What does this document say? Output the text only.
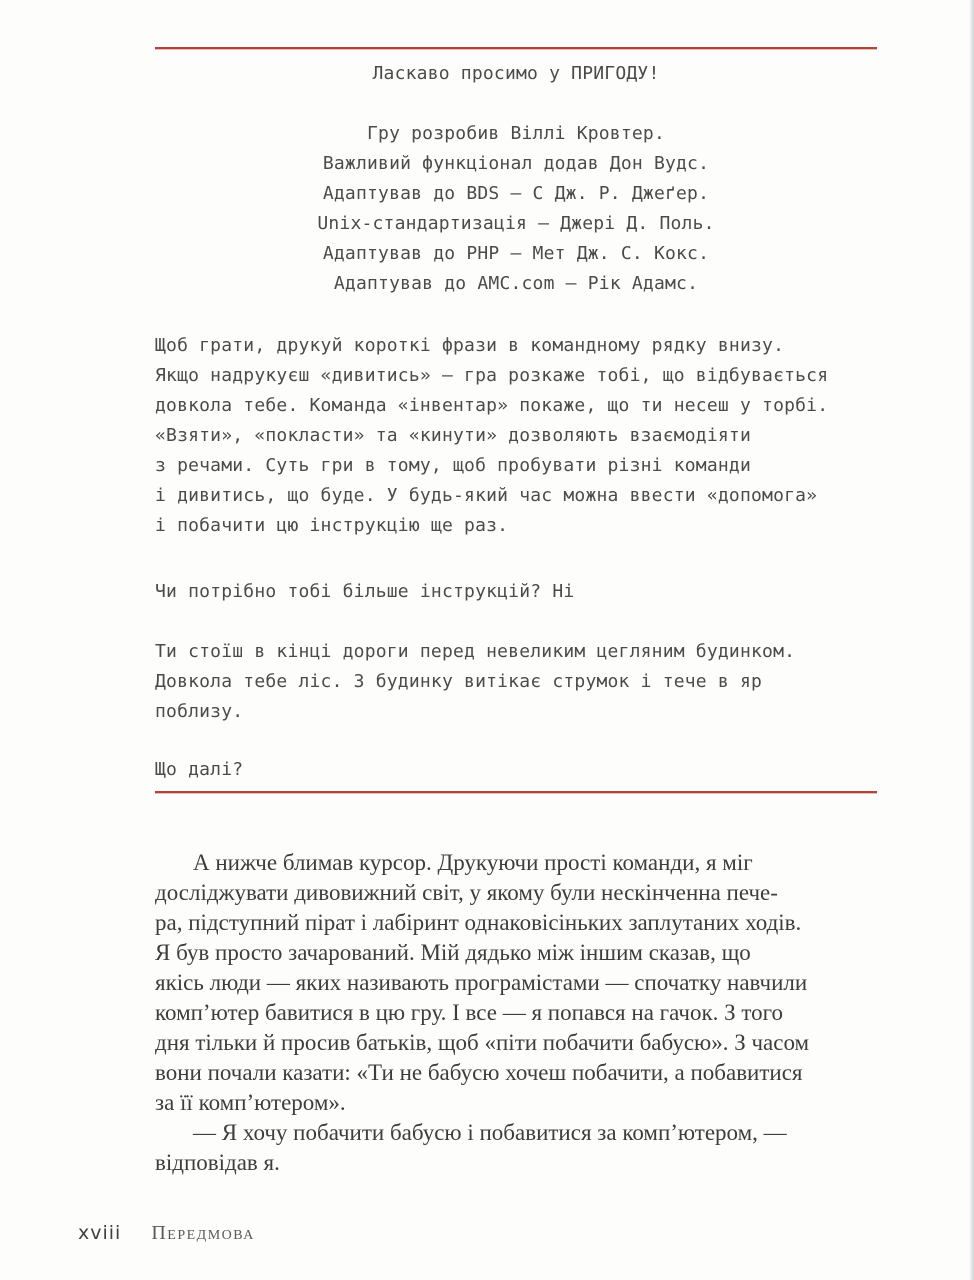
Ласкаво просимо у ПРИГОДУ!
Гру розробив Віллі Кровтер.
Важливий функціонал додав Дон Вудс.
Адаптував до BDS — С Дж. Р. Джеґер.
Unix-стандартизація — Джері Д. Поль.
Адаптував до PHP — Мет Дж. С. Кокс.
Адаптував до AMC.com — Рік Адамс.
Щоб грати, друкуй короткі фрази в командному рядку внизу.
Якщо надрукуєш «дивитись» — гра розкаже тобі, що відбувається
довкола тебе. Команда «інвентар» покаже, що ти несеш у торбі.
«Взяти», «покласти» та «кинути» дозволяють взаємодіяти
з речами. Суть гри в тому, щоб пробувати різні команди
і дивитись, що буде. У будь-який час можна ввести «допомога»
і побачити цю інструкцію ще раз.
Чи потрібно тобі більше інструкцій? Ні
Ти стоїш в кінці дороги перед невеликим цегляним будинком.
Довкола тебе ліс. З будинку витікає струмок і тече в яр
поблизу.
Що далі?
А нижче блимав курсор. Друкуючи прості команди, я міг
досліджувати дивовижний світ, у якому були нескінченна пече-
ра, підступний пірат і лабіринт однаковісіньких заплутаних ходів.
Я був просто зачарований. Мій дядько між іншим сказав, що
якісь люди — яких називають програмістами — спочатку навчили
комп’ютер бавитися в цю гру. І все — я попався на гачок. З того
дня тільки й просив батьків, щоб «піти побачити бабусю». З часом
вони почали казати: «Ти не бабусю хочеш побачити, а побавитися
за її комп’ютером».
— Я хочу побачити бабусю і побавитися за комп’ютером, —
відповідав я.
xviii Передмова
